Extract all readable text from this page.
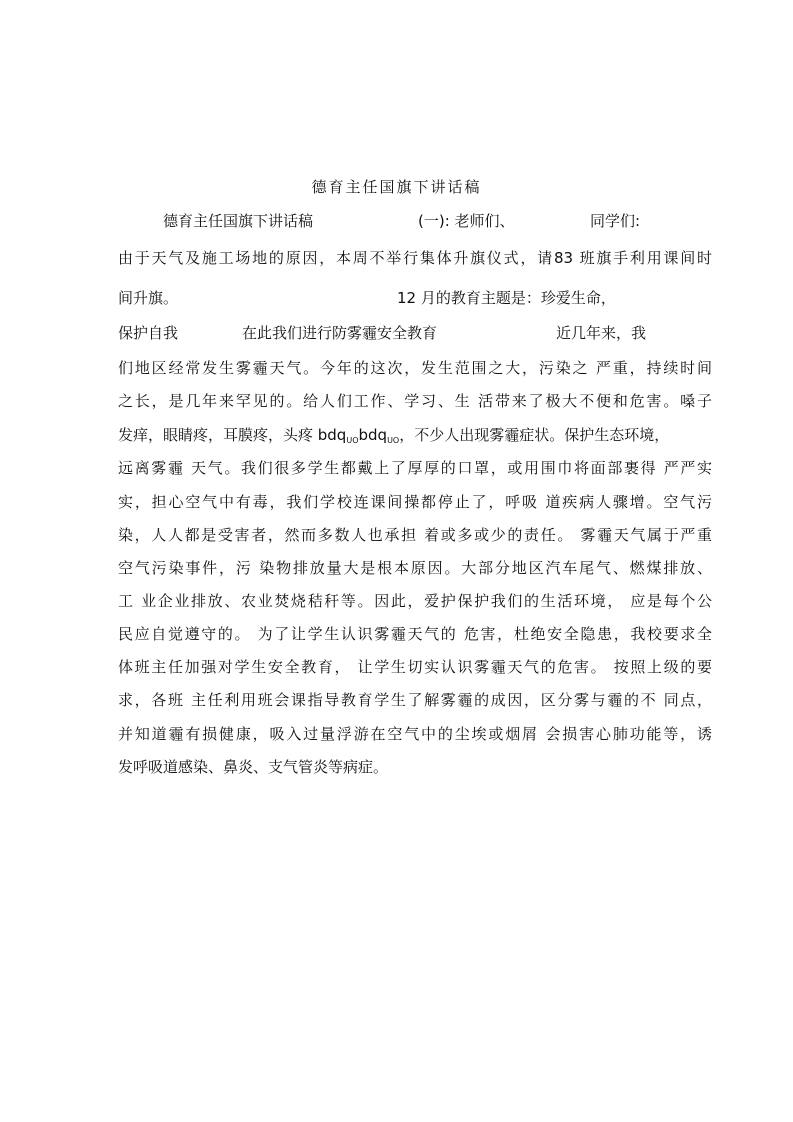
德育主任国旗下讲话稿
德育主任国旗下讲话稿	(一): 老师们、	同学们:
由于天气及施工场地的原因，本周不举行集体升旗仪式，请83 班旗手利用课间时
间升旗。	12 月的教育主题是：珍爱生命，
保护自我	在此我们进行防雾霾安全教育	近几年来，我
们地区经常发生雾霾天气。今年的这次，发生范围之大，污染之 严重，持续时间
之长，是几年来罕见的。给人们工作、学习、生 活带来了极大不便和危害。嗓子
发痒，眼睛疼，耳膜疼，头疼 bdq$_{UO}$bdq$_{UO}$，不少人出现雾霾症状。保护生态环境，
远离雾霾 天气。我们很多学生都戴上了厚厚的口罩，或用围巾将面部裹得 严严实
实，担心空气中有毒，我们学校连课间操都停止了，呼吸 道疾病人骤增。空气污
染，人人都是受害者，然而多数人也承担 着或多或少的责任。 雾霾天气属于严重
空气污染事件，污 染物排放量大是根本原因。大部分地区汽车尾气、燃煤排放、
工 业企业排放、农业焚烧秸秆等。因此，爱护保护我们的生活环境， 应是每个公
民应自觉遵守的。 为了让学生认识雾霾天气的 危害，杜绝安全隐患，我校要求全
体班主任加强对学生安全教育， 让学生切实认识雾霾天气的危害。 按照上级的要
求，各班 主任利用班会课指导教育学生了解雾霾的成因，区分雾与霾的不 同点，
并知道霾有损健康，吸入过量浮游在空气中的尘埃或烟屑 会损害心肺功能等，诱
发呼吸道感染、鼻炎、支气管炎等病症。
